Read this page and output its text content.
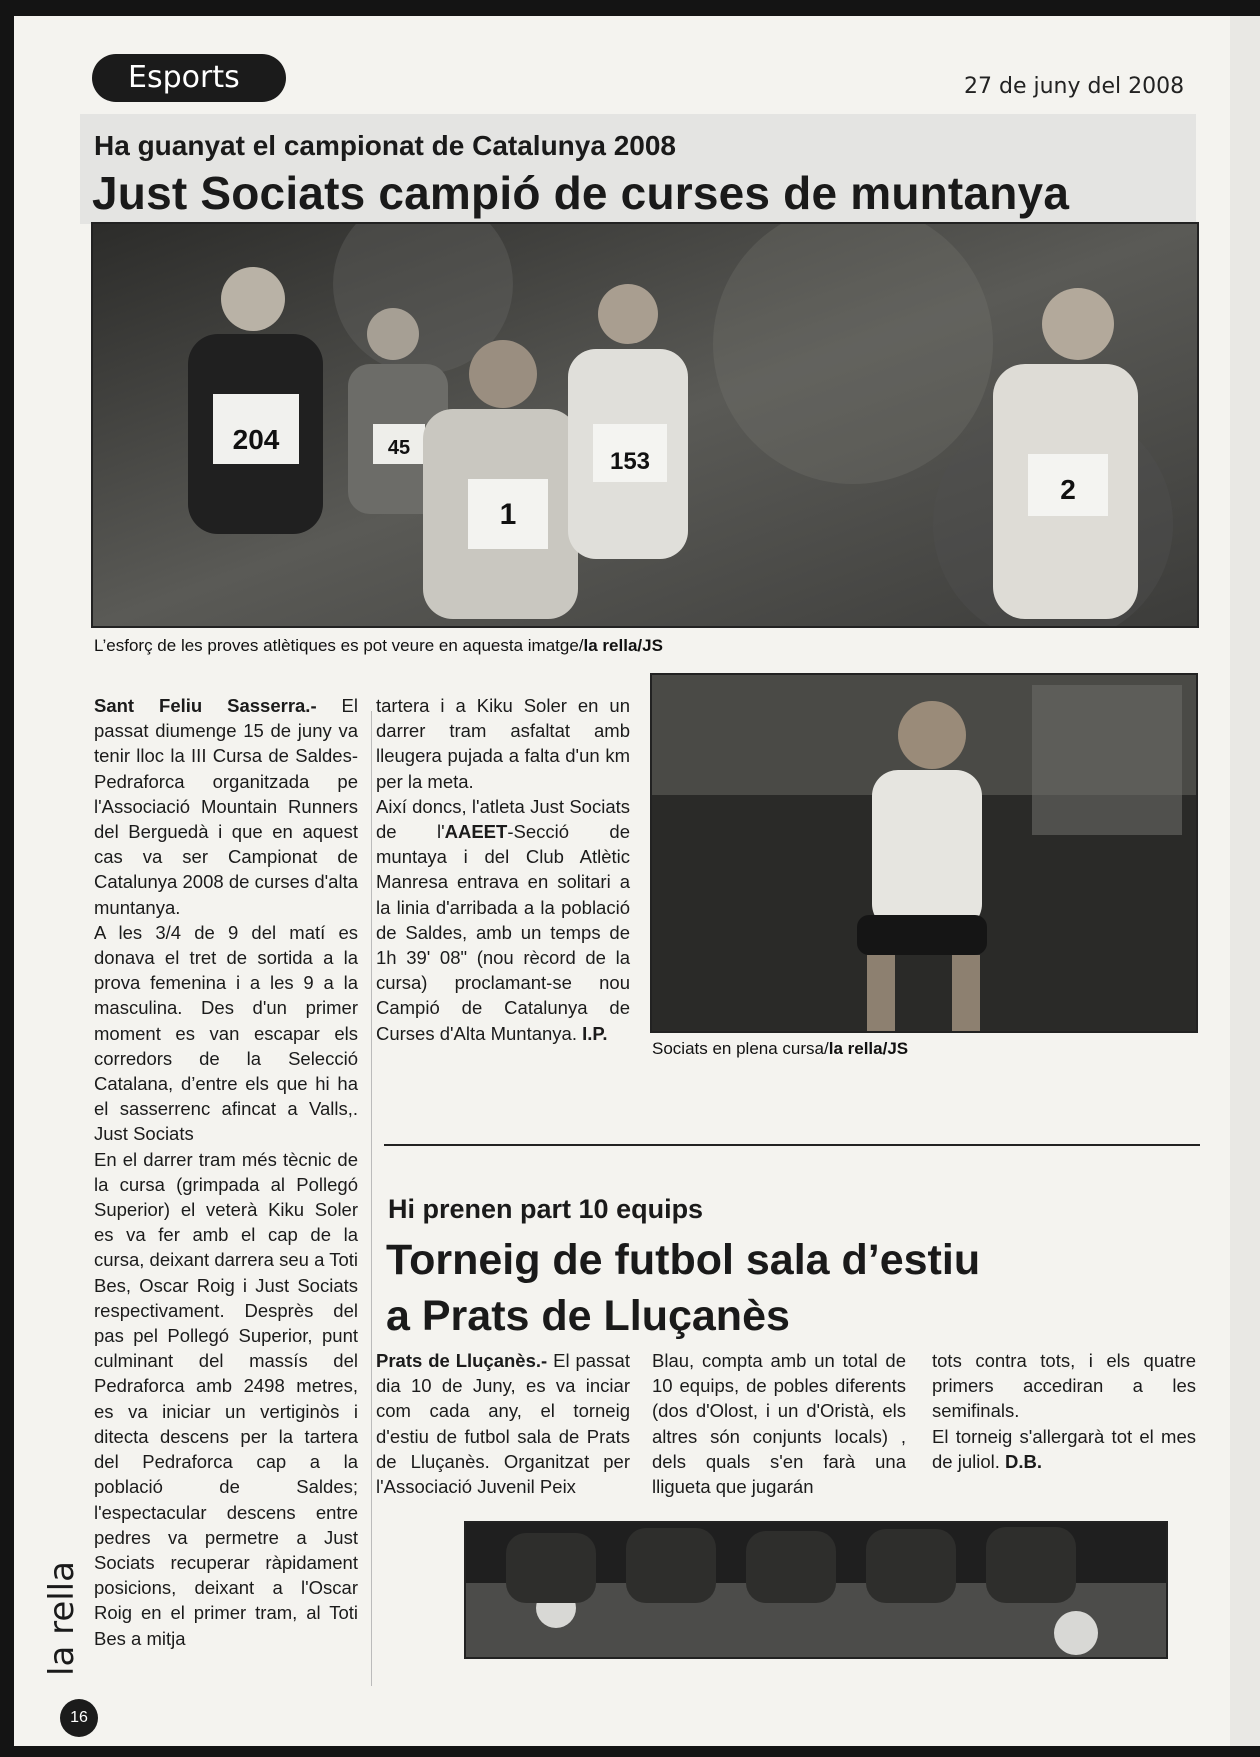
Esports	27 de juny del 2008
Ha guanyat el campionat de Catalunya 2008
Just Sociats campió de curses de muntanya
204	45
1
153
2
L’esforç de les proves atlètiques es pot veure en aquesta imatge/la rella/JS

Sant Feliu Sasserra.- El passat diumenge 15 de juny va tenir lloc la III Cursa de Saldes-Pedraforca organitzada pe l'Associació Mountain Runners del Berguedà i que en aquest cas va ser Campionat de Catalunya 2008 de curses d'alta muntanya.

A les 3/4 de 9 del matí es donava el tret de sortida a la prova femenina i a les 9 a la masculina. Des d'un primer moment es van escapar els corredors de la Selecció Catalana, d’entre els que hi ha el sasserrenc afincat a Valls,. Just Sociats

En el darrer tram més tècnic de la cursa (grimpada al Pollegó Superior) el veterà Kiku Soler es va fer amb el cap de la cursa, deixant darrera seu a Toti Bes, Oscar Roig i Just Sociats respectivament. Desprès del pas pel Pollegó Superior, punt culminant del massís del Pedraforca amb 2498 metres, es va iniciar un vertiginòs i ditecta descens per la tartera del Pedraforca cap a la població de Saldes; l'espectacular descens entre pedres va permetre a Just Sociats recuperar ràpidament posicions, deixant a l'Oscar Roig en el primer tram, al Toti Bes a mitja

tartera i a Kiku Soler en un darrer tram asfaltat amb lleugera pujada a falta d'un km per la meta.

Així doncs, l'atleta Just Sociats de l'AAEET-Secció de muntaya i del Club Atlètic Manresa entrava en solitari a la linia d'arribada a la població de Saldes, amb un temps de 1h 39' 08" (nou rècord de la cursa) proclamant-se nou Campió de Catalunya de Curses d'Alta Muntanya. I.P.

Sociats en plena cursa/la rella/JS
Hi prenen part 10 equips
Torneig de futbol sala d’estiu
a Prats de Lluçanès

Prats de Lluçanès.- El passat dia 10 de Juny, es va inciar com cada any, el torneig d'estiu de futbol sala de Prats de Lluçanès. Organitzat per l'Associació Juvenil Peix

Blau, compta amb un total de 10 equips, de pobles diferents (dos d'Olost, i un d'Oristà, els altres són conjunts locals) , dels quals s'en farà una lligueta que jugarán

tots contra tots, i els quatre primers accediran a les semifinals.

El torneig s'allergarà tot el mes de juliol. D.B.

la rella
16
